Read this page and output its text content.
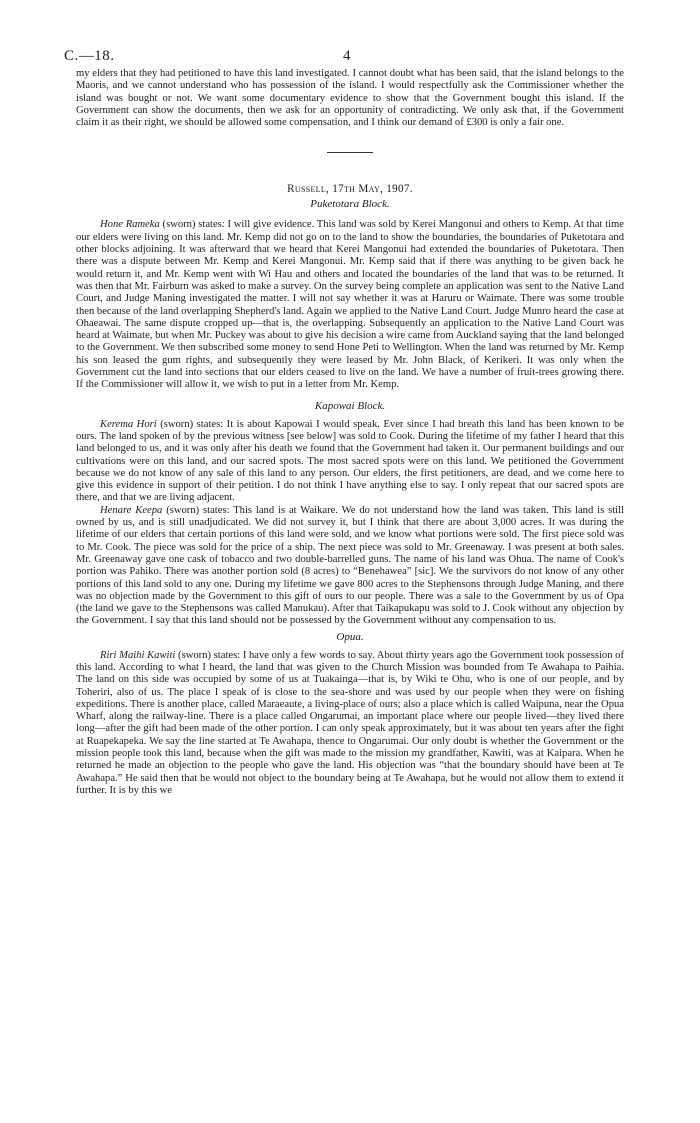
C.—18.	4

my elders that they had petitioned to have this land investigated. I cannot doubt what has been said, that the island belongs to the Maoris, and we cannot understand who has possession of the island. I would respectfully ask the Commissioner whether the island was bought or not. We want some documentary evidence to show that the Government bought this island. If the Government can show the documents, then we ask for an opportunity of contradicting. We only ask that, if the Government claim it as their right, we should be allowed some compensation, and I think our demand of £300 is only a fair one.

Russell, 17th May, 1907.
Puketotara Block.

Hone Rameka (sworn) states: I will give evidence. This land was sold by Kerei Mangonui and others to Kemp. At that time our elders were living on this land. Mr. Kemp did not go on to the land to show the boundaries, the boundaries of Puketotara and other blocks adjoining. It was afterward that we heard that Kerei Mangonui had extended the boundaries of Puketotara. Then there was a dispute between Mr. Kemp and Kerei Mangonui. Mr. Kemp said that if there was anything to be given back he would return it, and Mr. Kemp went with Wi Hau and others and located the boundaries of the land that was to be returned. It was then that Mr. Fairburn was asked to make a survey. On the survey being complete an application was sent to the Native Land Court, and Judge Maning investigated the matter. I will not say whether it was at Haruru or Waimate. There was some trouble then because of the land overlapping Shepherd's land. Again we applied to the Native Land Court. Judge Munro heard the case at Ohaeawai. The same dispute cropped up—that is, the overlapping. Subsequently an application to the Native Land Court was heard at Waimate, but when Mr. Puckey was about to give his decision a wire came from Auckland saying that the land belonged to the Government. We then subscribed some money to send Hone Peti to Wellington. When the land was returned by Mr. Kemp his son leased the gum rights, and subsequently they were leased by Mr. John Black, of Kerikeri. It was only when the Government cut the land into sections that our elders ceased to live on the land. We have a number of fruit-trees growing there. If the Commissioner will allow it, we wish to put in a letter from Mr. Kemp.

Kapowai Block.

Kerema Hori (sworn) states: It is about Kapowai I would speak. Ever since I had breath this land has been known to be ours. The land spoken of by the previous witness [see below] was sold to Cook. During the lifetime of my father I heard that this land belonged to us, and it was only after his death we found that the Government had taken it. Our permanent buildings and our cultivations were on this land, and our sacred spots. The most sacred spots were on this land. We petitioned the Government because we do not know of any sale of this land to any person. Our elders, the first petitioners, are dead, and we come here to give this evidence in support of their petition. I do not think I have anything else to say. I only repeat that our sacred spots are there, and that we are living adjacent.

Henare Keepa (sworn) states: This land is at Waikare. We do not understand how the land was taken. This land is still owned by us, and is still unadjudicated. We did not survey it, but I think that there are about 3,000 acres. It was during the lifetime of our elders that certain portions of this land were sold, and we know what portions were sold. The first piece sold was to Mr. Cook. The piece was sold for the price of a ship. The next piece was sold to Mr. Greenaway. I was present at both sales. Mr. Greenaway gave one cask of tobacco and two double-barrelled guns. The name of his land was Ohua. The name of Cook's portion was Pahiko. There was another portion sold (8 acres) to “Benehawea” [sic]. We the survivors do not know of any other portions of this land sold to any one. During my lifetime we gave 800 acres to the Stephensons through Judge Maning, and there was no objection made by the Government to this gift of ours to our people. There was a sale to the Government by us of Opa (the land we gave to the Stephensons was called Manukau). After that Taikapukapu was sold to J. Cook without any objection by the Government. I say that this land should not be possessed by the Government without any compensation to us.

Opua.

Riri Maihi Kawiti (sworn) states: I have only a few words to say. About thirty years ago the Government took possession of this land. According to what I heard, the land that was given to the Church Mission was bounded from Te Awahapa to Paihia. The land on this side was occupied by some of us at Tuakainga—that is, by Wiki te Ohu, who is one of our people, and by Toheriri, also of us. The place I speak of is close to the sea-shore and was used by our people when they were on fishing expeditions. There is another place, called Maraeaute, a living-place of ours; also a place which is called Waipuna, near the Opua Wharf, along the railway-line. There is a place called Ongarumai, an important place where our people lived—they lived there long—after the gift had been made of the other portion. I can only speak approximately, but it was about ten years after the fight at Ruapekapeka. We say the line started at Te Awahapa, thence to Ongarumai. Our only doubt is whether the Government or the mission people took this land, because when the gift was made to the mission my grandfather, Kawiti, was at Kaipara. When he returned he made an objection to the people who gave the land. His objection was “that the boundary should have been at Te Awahapa.” He said then that he would not object to the boundary being at Te Awahapa, but he would not allow them to extend it further. It is by this we
